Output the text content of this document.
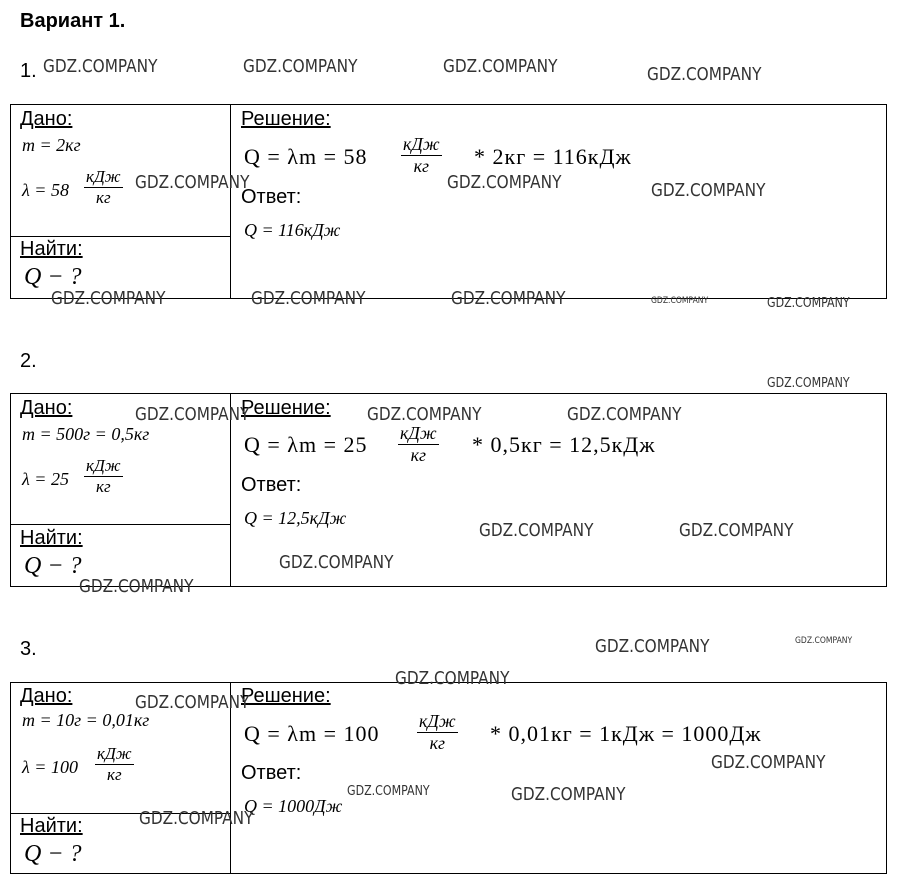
Вариант 1.
1.
Дано:
m = 2кг
λ = 58
кДж
кг
Найти:
Q − ?
Решение:
Q = λm = 58 кДж
кг	* 2кг = 116кДж
Ответ:
Q = 116кДж
2.
Дано:
m = 500г = 0,5кг
λ = 25
кДж
кг
Найти:
Q − ?
Решение:
Q = λm = 25 кДж
кг	* 0,5кг = 12,5кДж
Ответ:
Q = 12,5кДж
3.
Дано:
m = 10г = 0,01кг
λ = 100
кДж
кг
Найти:
Q − ?
Решение:
Q = λm = 100 кДж
кг	* 0,01кг = 1кДж = 1000Дж
Ответ:
Q = 1000Дж
GDZ.COMPANY	GDZ.COMPANY	GDZ.COMPANY	GDZ.COMPANY
GDZ.COMPANY	GDZ.COMPANY	GDZ.COMPANY
GDZ.COMPANY	GDZ.COMPANY	GDZ.COMPANY	GDZ.COMPANY	GDZ.COMPANY
GDZ.COMPANY
GDZ.COMPANY	GDZ.COMPANY	GDZ.COMPANY
GDZ.COMPANY	GDZ.COMPANY
GDZ.COMPANY
GDZ.COMPANY
GDZ.COMPANY	GDZ.COMPANY
GDZ.COMPANY
GDZ.COMPANY
GDZ.COMPANY
GDZ.COMPANY	GDZ.COMPANY
GDZ.COMPANY
